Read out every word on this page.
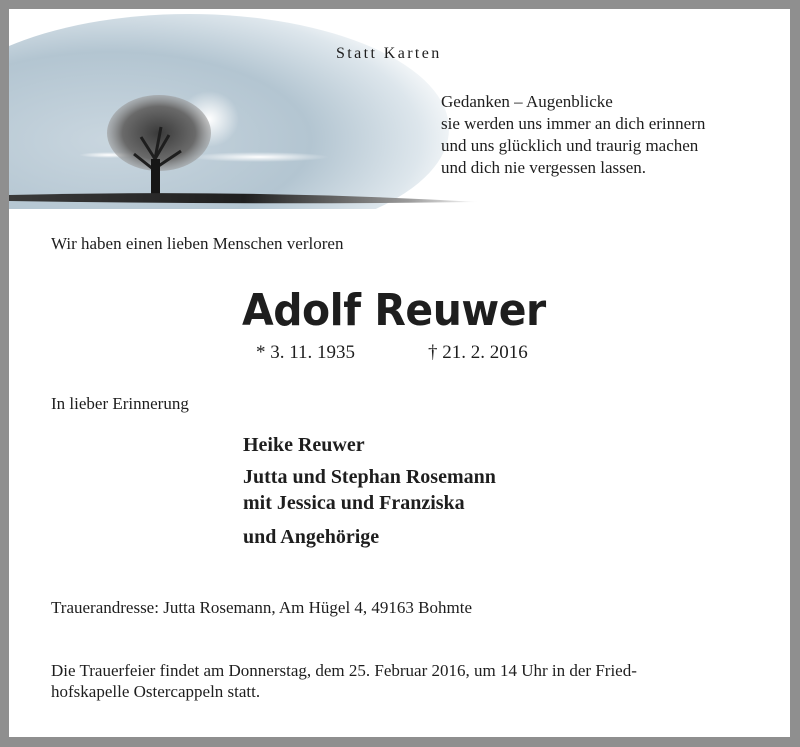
Statt Karten
Gedanken – Augenblicke
sie werden uns immer an dich erinnern
und uns glücklich und traurig machen
und dich nie vergessen lassen.
Wir haben einen lieben Menschen verloren
Adolf Reuwer
* 3. 11. 1935	† 21. 2. 2016
In lieber Erinnerung
Heike Reuwer
Jutta und Stephan Rosemann
mit Jessica und Franziska
und Angehörige
Trauerandresse: Jutta Rosemann, Am Hügel 4, 49163 Bohmte
Die Trauerfeier findet am Donnerstag, dem 25. Februar 2016, um 14 Uhr in der Fried-
hofskapelle Ostercappeln statt.
